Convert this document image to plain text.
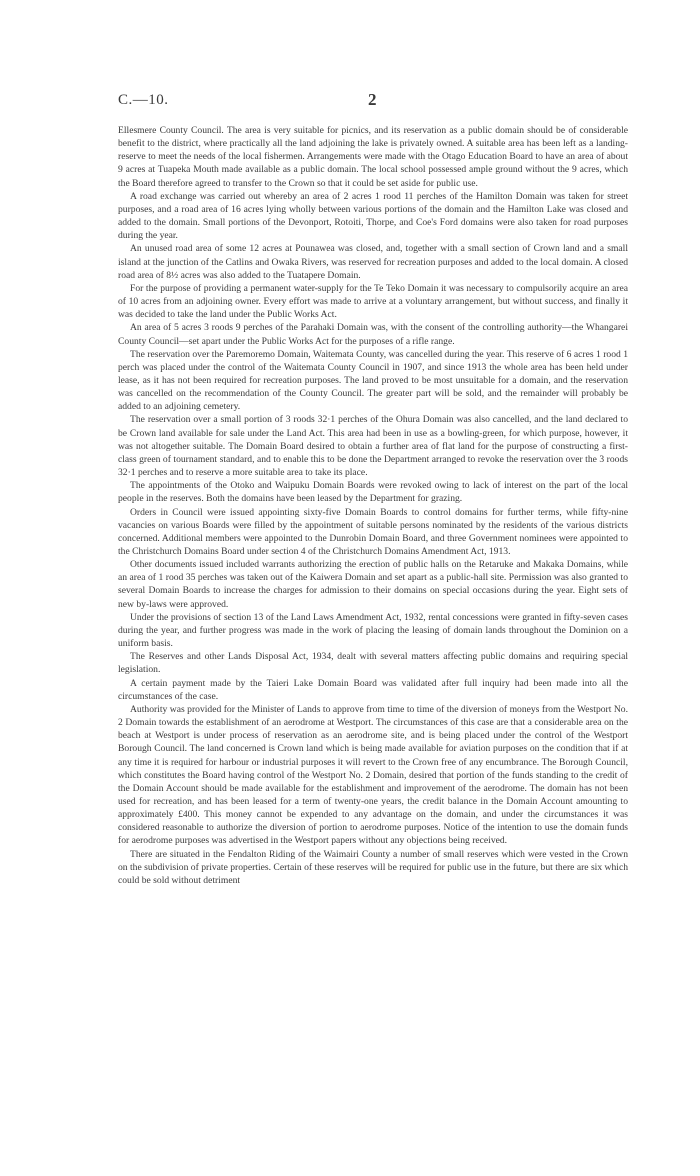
C.—10.	2

Ellesmere County Council. The area is very suitable for picnics, and its reservation as a public domain should be of considerable benefit to the district, where practically all the land adjoining the lake is privately owned. A suitable area has been left as a landing-reserve to meet the needs of the local fishermen. Arrangements were made with the Otago Education Board to have an area of about 9 acres at Tuapeka Mouth made available as a public domain. The local school possessed ample ground without the 9 acres, which the Board therefore agreed to transfer to the Crown so that it could be set aside for public use.

A road exchange was carried out whereby an area of 2 acres 1 rood 11 perches of the Hamilton Domain was taken for street purposes, and a road area of 16 acres lying wholly between various portions of the domain and the Hamilton Lake was closed and added to the domain. Small portions of the Devonport, Rotoiti, Thorpe, and Coe's Ford domains were also taken for road purposes during the year.

An unused road area of some 12 acres at Pounawea was closed, and, together with a small section of Crown land and a small island at the junction of the Catlins and Owaka Rivers, was reserved for recreation purposes and added to the local domain. A closed road area of 8½ acres was also added to the Tuatapere Domain.

For the purpose of providing a permanent water-supply for the Te Teko Domain it was necessary to compulsorily acquire an area of 10 acres from an adjoining owner. Every effort was made to arrive at a voluntary arrangement, but without success, and finally it was decided to take the land under the Public Works Act.

An area of 5 acres 3 roods 9 perches of the Parahaki Domain was, with the consent of the controlling authority—the Whangarei County Council—set apart under the Public Works Act for the purposes of a rifle range.

The reservation over the Paremoremo Domain, Waitemata County, was cancelled during the year. This reserve of 6 acres 1 rood 1 perch was placed under the control of the Waitemata County Council in 1907, and since 1913 the whole area has been held under lease, as it has not been required for recreation purposes. The land proved to be most unsuitable for a domain, and the reservation was cancelled on the recommendation of the County Council. The greater part will be sold, and the remainder will probably be added to an adjoining cemetery.

The reservation over a small portion of 3 roods 32·1 perches of the Ohura Domain was also cancelled, and the land declared to be Crown land available for sale under the Land Act. This area had been in use as a bowling-green, for which purpose, however, it was not altogether suitable. The Domain Board desired to obtain a further area of flat land for the purpose of constructing a first-class green of tournament standard, and to enable this to be done the Department arranged to revoke the reservation over the 3 roods 32·1 perches and to reserve a more suitable area to take its place.

The appointments of the Otoko and Waipuku Domain Boards were revoked owing to lack of interest on the part of the local people in the reserves. Both the domains have been leased by the Department for grazing.

Orders in Council were issued appointing sixty-five Domain Boards to control domains for further terms, while fifty-nine vacancies on various Boards were filled by the appointment of suitable persons nominated by the residents of the various districts concerned. Additional members were appointed to the Dunrobin Domain Board, and three Government nominees were appointed to the Christchurch Domains Board under section 4 of the Christchurch Domains Amendment Act, 1913.

Other documents issued included warrants authorizing the erection of public halls on the Retaruke and Makaka Domains, while an area of 1 rood 35 perches was taken out of the Kaiwera Domain and set apart as a public-hall site. Permission was also granted to several Domain Boards to increase the charges for admission to their domains on special occasions during the year. Eight sets of new by-laws were approved.

Under the provisions of section 13 of the Land Laws Amendment Act, 1932, rental concessions were granted in fifty-seven cases during the year, and further progress was made in the work of placing the leasing of domain lands throughout the Dominion on a uniform basis.

The Reserves and other Lands Disposal Act, 1934, dealt with several matters affecting public domains and requiring special legislation.

A certain payment made by the Taieri Lake Domain Board was validated after full inquiry had been made into all the circumstances of the case.

Authority was provided for the Minister of Lands to approve from time to time of the diversion of moneys from the Westport No. 2 Domain towards the establishment of an aerodrome at Westport. The circumstances of this case are that a considerable area on the beach at Westport is under process of reservation as an aerodrome site, and is being placed under the control of the Westport Borough Council. The land concerned is Crown land which is being made available for aviation purposes on the condition that if at any time it is required for harbour or industrial purposes it will revert to the Crown free of any encumbrance. The Borough Council, which constitutes the Board having control of the Westport No. 2 Domain, desired that portion of the funds standing to the credit of the Domain Account should be made available for the establishment and improvement of the aerodrome. The domain has not been used for recreation, and has been leased for a term of twenty-one years, the credit balance in the Domain Account amounting to approximately £400. This money cannot be expended to any advantage on the domain, and under the circumstances it was considered reasonable to authorize the diversion of portion to aerodrome purposes. Notice of the intention to use the domain funds for aerodrome purposes was advertised in the Westport papers without any objections being received.

There are situated in the Fendalton Riding of the Waimairi County a number of small reserves which were vested in the Crown on the subdivision of private properties. Certain of these reserves will be required for public use in the future, but there are six which could be sold without detriment
